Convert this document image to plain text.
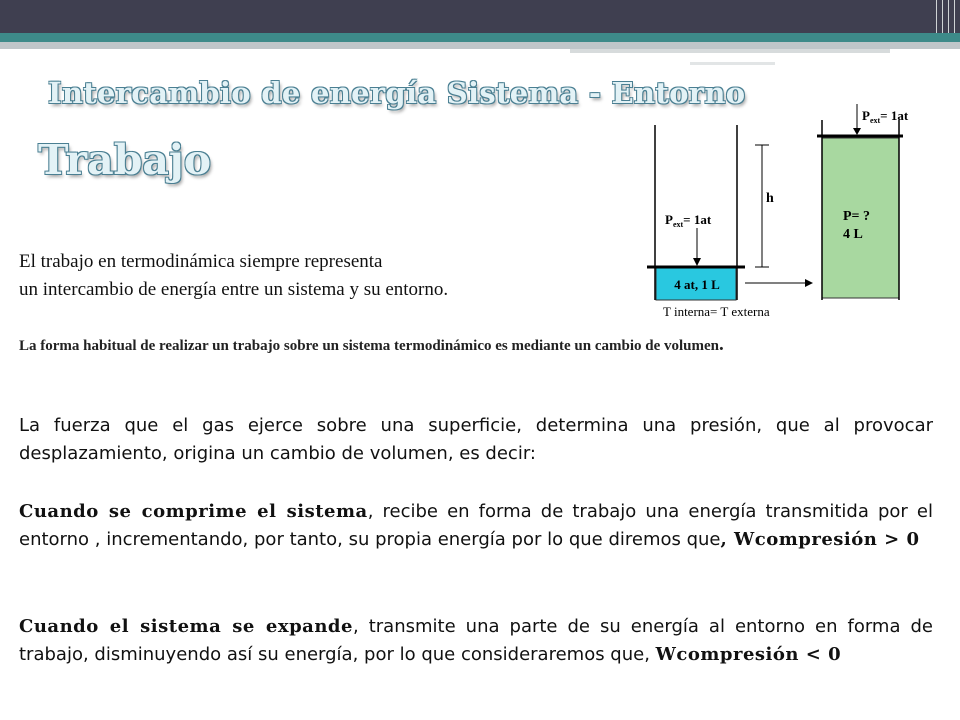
Intercambio de energía Sistema - Entorno
Trabajo
El trabajo en termodinámica siempre representa
un intercambio de energía entre un sistema y su entorno.	4 at, 1 L
$P_{ext}= 1at$
T interna= T externa
h
$P_{ext}= 1at$
P= ?
4 L
La forma habitual de realizar un trabajo sobre un sistema termodinámico es mediante un cambio de volumen.
La fuerza que el gas ejerce sobre una superficie, determina una presión, que al provocar desplazamiento, origina un cambio de volumen, es decir:
Cuando se comprime el sistema, recibe en forma de trabajo una energía transmitida por el entorno , incrementando, por tanto, su propia energía por lo que diremos que, Wcompresión > 0
Cuando el sistema se expande, transmite una parte de su energía al entorno en forma de trabajo, disminuyendo así su energía, por lo que consideraremos que, Wcompresión < 0
